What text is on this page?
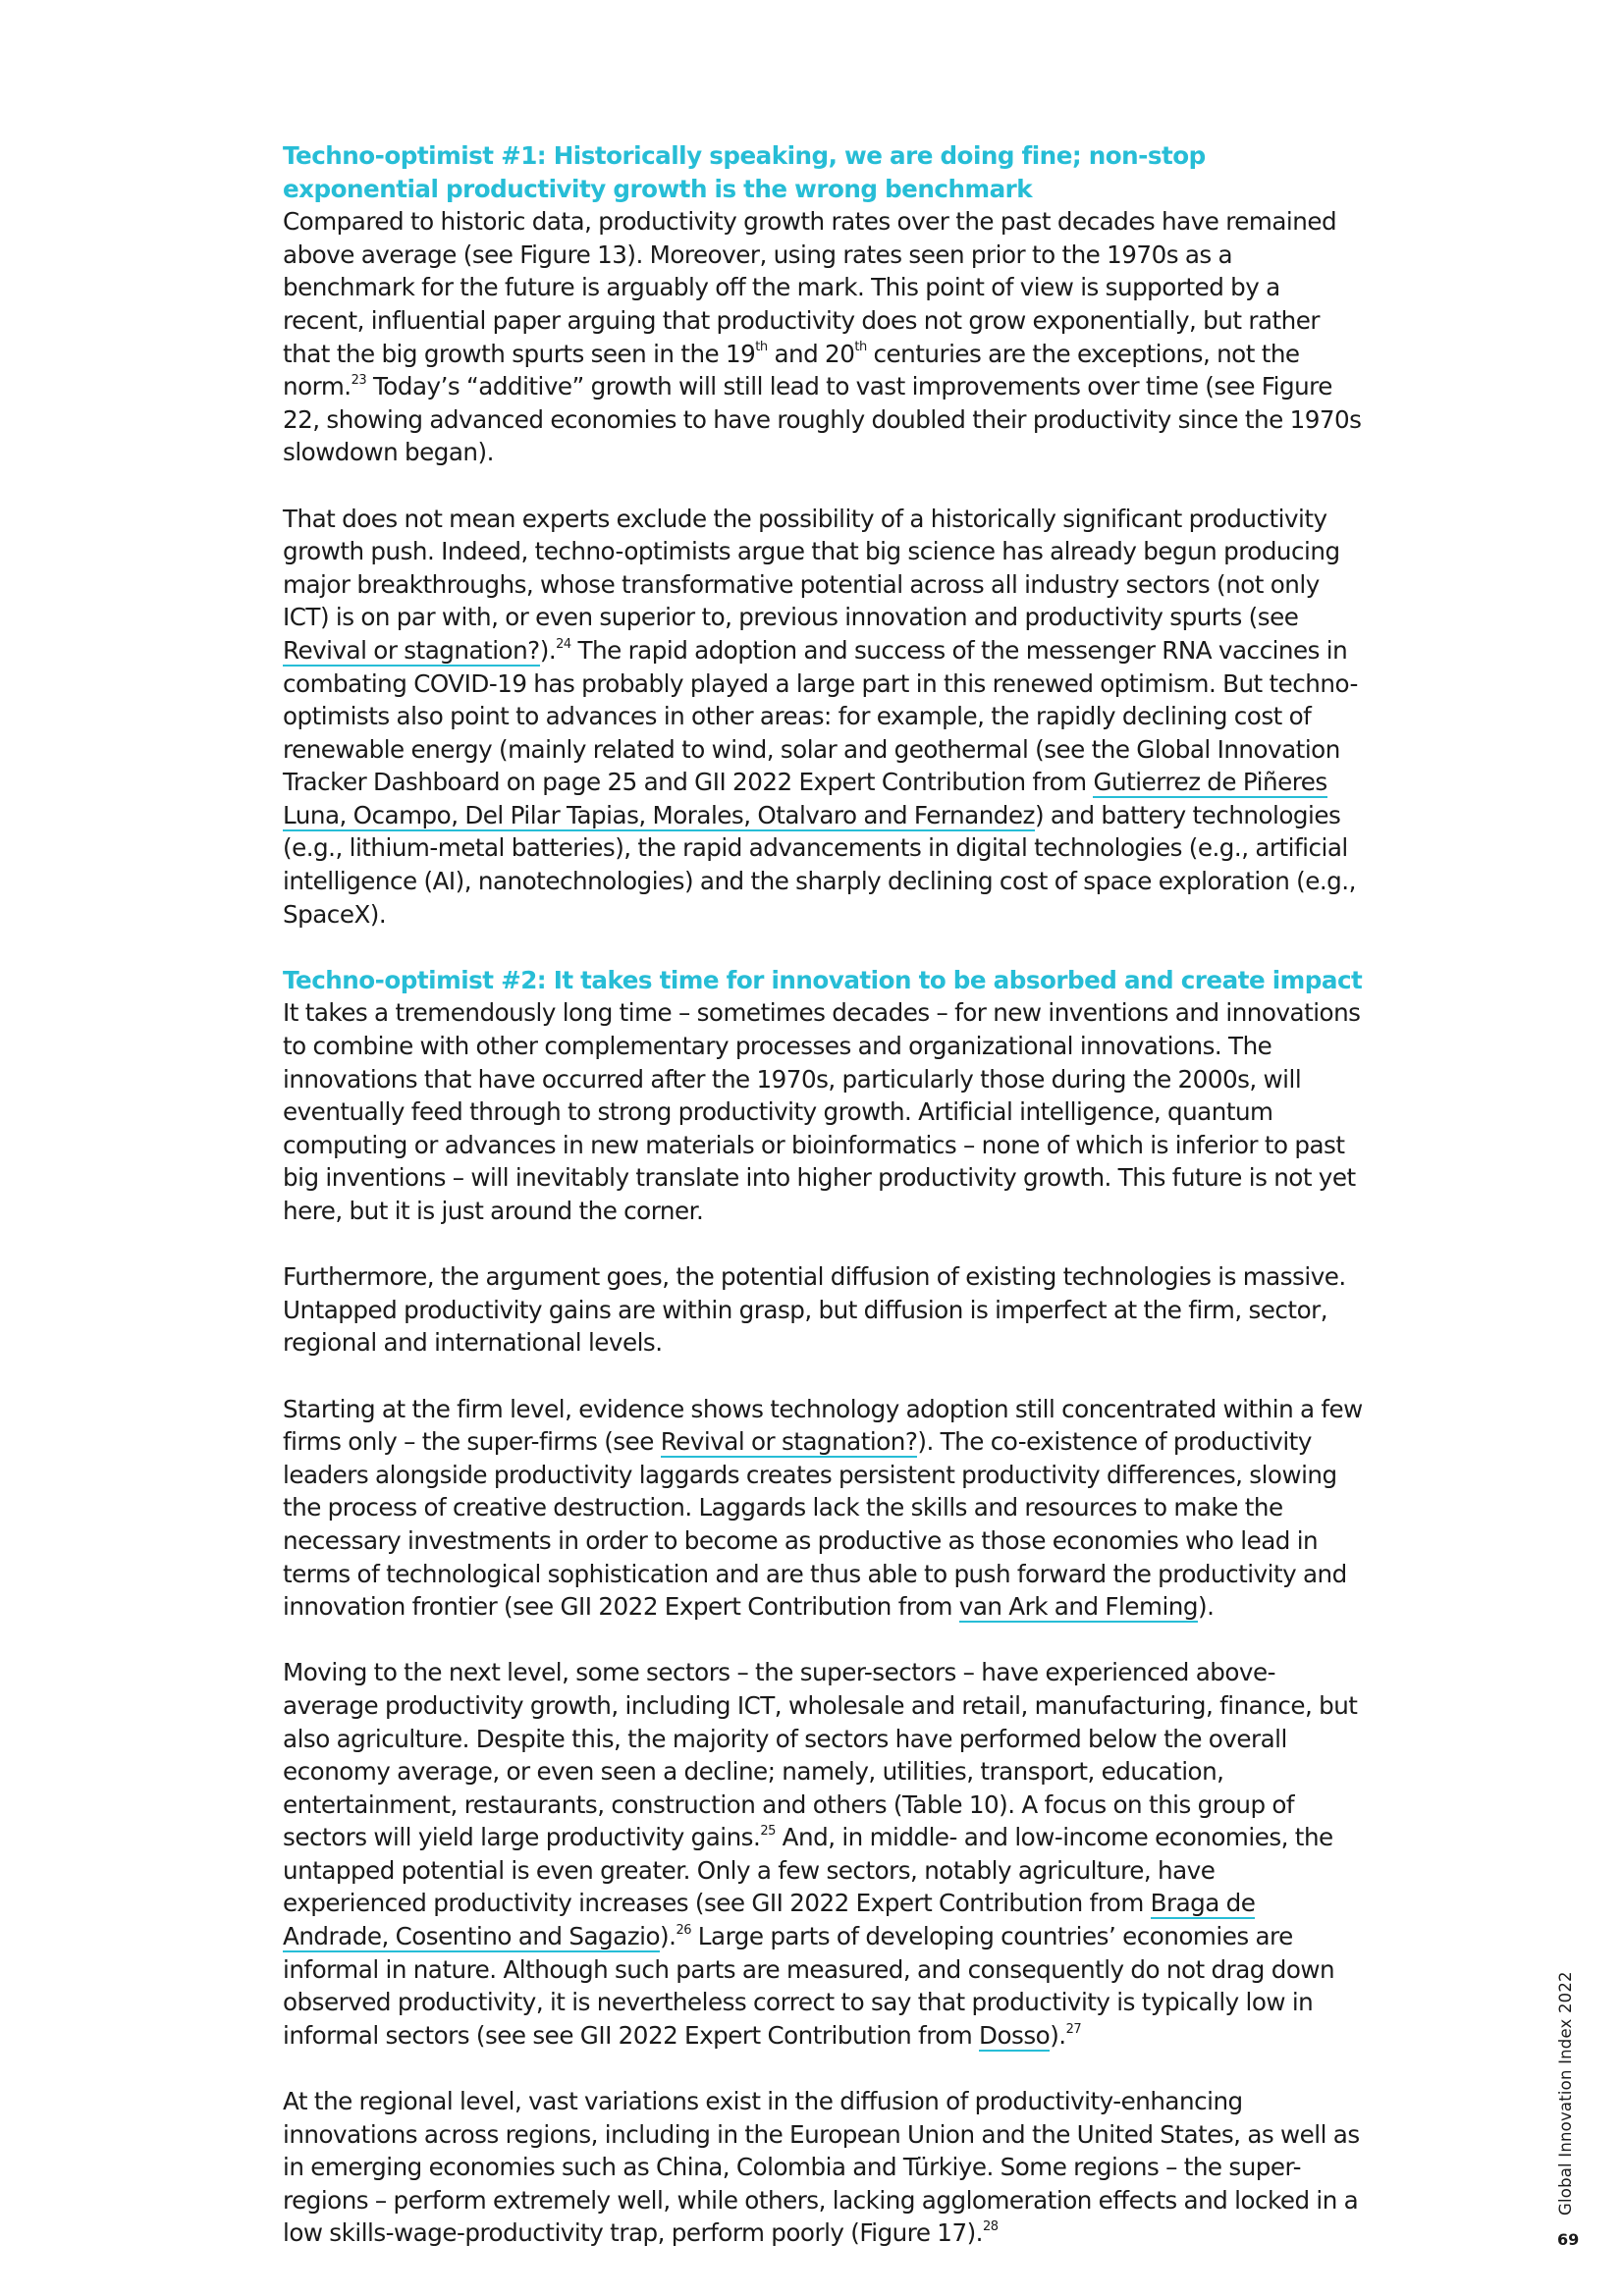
Techno-optimist #1: Historically speaking, we are doing fine; non-stop exponential productivity growth is the wrong benchmark

Compared to historic data, productivity growth rates over the past decades have remained above average (see Figure 13). Moreover, using rates seen prior to the 1970s as a benchmark for the future is arguably off the mark. This point of view is supported by a recent, influential paper arguing that productivity does not grow exponentially, but rather that the big growth spurts seen in the 19th and 20th centuries are the exceptions, not the norm.$^{23}$ Today’s “additive” growth will still lead to vast improvements over time (see Figure 22, showing advanced economies to have roughly doubled their productivity since the 1970s slowdown began).

That does not mean experts exclude the possibility of a historically significant productivity growth push. Indeed, techno-optimists argue that big science has already begun producing major breakthroughs, whose transformative potential across all industry sectors (not only ICT) is on par with, or even superior to, previous innovation and productivity spurts (see Revival or stagnation?).$^{24}$ The rapid adoption and success of the messenger RNA vaccines in combating COVID-19 has probably played a large part in this renewed optimism. But techno-optimists also point to advances in other areas: for example, the rapidly declining cost of renewable energy (mainly related to wind, solar and geothermal (see the Global Innovation Tracker Dashboard on page 25 and GII 2022 Expert Contribution from Gutierrez de Piñeres Luna, Ocampo, Del Pilar Tapias, Morales, Otalvaro and Fernandez) and battery technologies (e.g., lithium-metal batteries), the rapid advancements in digital technologies (e.g., artificial intelligence (AI), nanotechnologies) and the sharply declining cost of space exploration (e.g., SpaceX).

Techno-optimist #2: It takes time for innovation to be absorbed and create impact

It takes a tremendously long time – sometimes decades – for new inventions and innovations to combine with other complementary processes and organizational innovations. The innovations that have occurred after the 1970s, particularly those during the 2000s, will eventually feed through to strong productivity growth. Artificial intelligence, quantum computing or advances in new materials or bioinformatics – none of which is inferior to past big inventions – will inevitably translate into higher productivity growth. This future is not yet here, but it is just around the corner.

Furthermore, the argument goes, the potential diffusion of existing technologies is massive. Untapped productivity gains are within grasp, but diffusion is imperfect at the firm, sector, regional and international levels.

Starting at the firm level, evidence shows technology adoption still concentrated within a few firms only – the super-firms (see Revival or stagnation?). The co-existence of productivity leaders alongside productivity laggards creates persistent productivity differences, slowing the process of creative destruction. Laggards lack the skills and resources to make the necessary investments in order to become as productive as those economies who lead in terms of technological sophistication and are thus able to push forward the productivity and innovation frontier (see GII 2022 Expert Contribution from van Ark and Fleming).

Moving to the next level, some sectors – the super-sectors – have experienced above-average productivity growth, including ICT, wholesale and retail, manufacturing, finance, but also agriculture. Despite this, the majority of sectors have performed below the overall economy average, or even seen a decline; namely, utilities, transport, education, entertainment, restaurants, construction and others (Table 10). A focus on this group of sectors will yield large productivity gains.$^{25}$ And, in middle- and low-income economies, the untapped potential is even greater. Only a few sectors, notably agriculture, have experienced productivity increases (see GII 2022 Expert Contribution from Braga de Andrade, Cosentino and Sagazio).$^{26}$ Large parts of developing countries’ economies are informal in nature. Although such parts are measured, and consequently do not drag down observed productivity, it is nevertheless correct to say that productivity is typically low in informal sectors (see see GII 2022 Expert Contribution from Dosso).$^{27}$

At the regional level, vast variations exist in the diffusion of productivity-enhancing innovations across regions, including in the European Union and the United States, as well as in emerging economies such as China, Colombia and Türkiye. Some regions – the super-regions – perform extremely well, while others, lacking agglomeration effects and locked in a low skills-wage-productivity trap, perform poorly (Figure 17).$^{28}$

Global Innovation Index 2022
69
